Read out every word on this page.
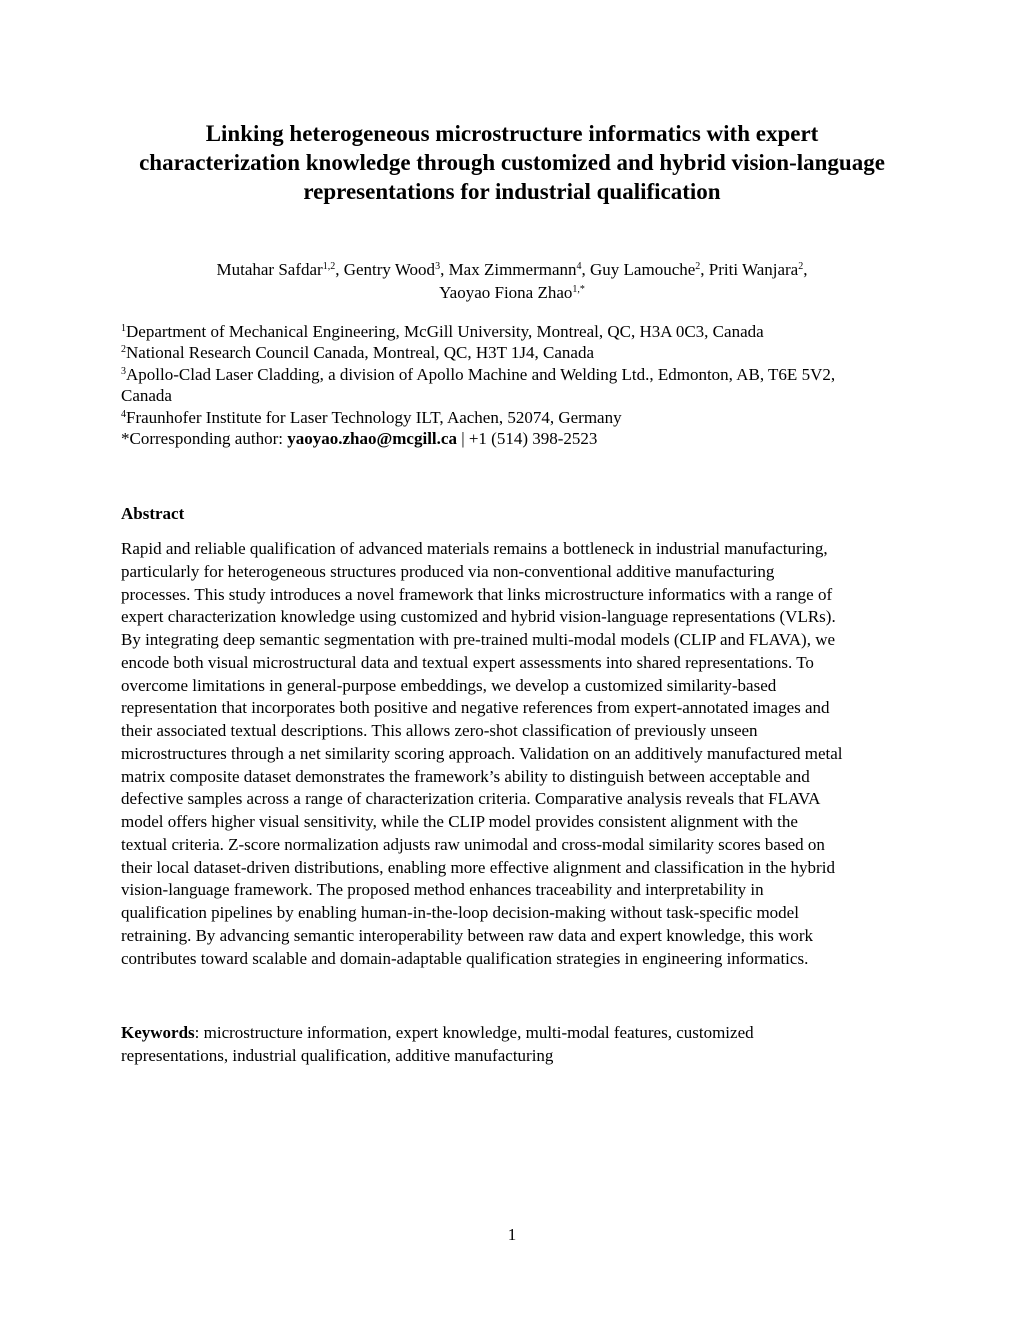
Linking heterogeneous microstructure informatics with expert
characterization knowledge through customized and hybrid vision-language
representations for industrial qualification
Mutahar Safdar$^{1,2}$, Gentry Wood$^3$, Max Zimmermann$^4$, Guy Lamouche$^2$, Priti Wanjara$^2$,
Yaoyao Fiona Zhao$^{1,*}$
$^1$Department of Mechanical Engineering, McGill University, Montreal, QC, H3A 0C3, Canada
$^2$National Research Council Canada, Montreal, QC, H3T 1J4, Canada
$^3$Apollo-Clad Laser Cladding, a division of Apollo Machine and Welding Ltd., Edmonton, AB, T6E 5V2,
Canada
$^4$Fraunhofer Institute for Laser Technology ILT, Aachen, 52074, Germany
*Corresponding author: yaoyao.zhao@mcgill.ca | +1 (514) 398-2523
Abstract
Rapid and reliable qualification of advanced materials remains a bottleneck in industrial manufacturing,
particularly for heterogeneous structures produced via non-conventional additive manufacturing
processes. This study introduces a novel framework that links microstructure informatics with a range of
expert characterization knowledge using customized and hybrid vision-language representations (VLRs).
By integrating deep semantic segmentation with pre-trained multi-modal models (CLIP and FLAVA), we
encode both visual microstructural data and textual expert assessments into shared representations. To
overcome limitations in general-purpose embeddings, we develop a customized similarity-based
representation that incorporates both positive and negative references from expert-annotated images and
their associated textual descriptions. This allows zero-shot classification of previously unseen
microstructures through a net similarity scoring approach. Validation on an additively manufactured metal
matrix composite dataset demonstrates the framework’s ability to distinguish between acceptable and
defective samples across a range of characterization criteria. Comparative analysis reveals that FLAVA
model offers higher visual sensitivity, while the CLIP model provides consistent alignment with the
textual criteria. Z-score normalization adjusts raw unimodal and cross-modal similarity scores based on
their local dataset-driven distributions, enabling more effective alignment and classification in the hybrid
vision-language framework. The proposed method enhances traceability and interpretability in
qualification pipelines by enabling human-in-the-loop decision-making without task-specific model
retraining. By advancing semantic interoperability between raw data and expert knowledge, this work
contributes toward scalable and domain-adaptable qualification strategies in engineering informatics.
Keywords: microstructure information, expert knowledge, multi-modal features, customized
representations, industrial qualification, additive manufacturing
1
